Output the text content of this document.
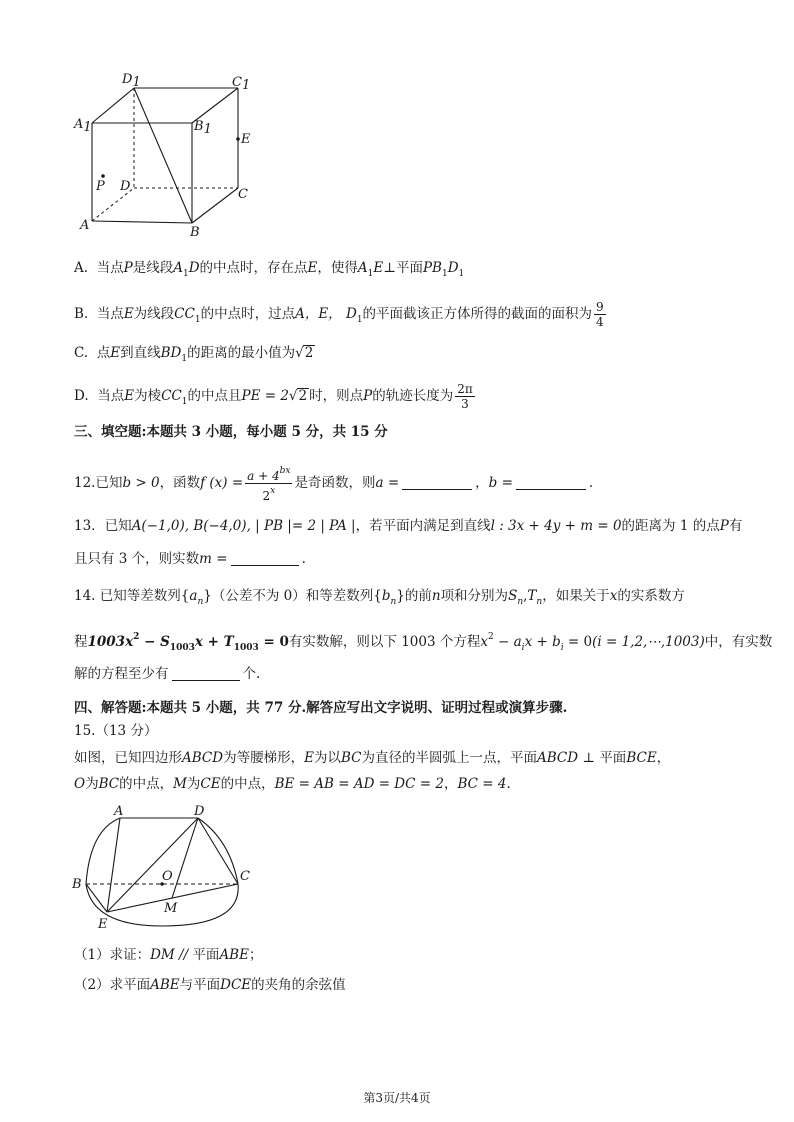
D1	C1
A1	B1
E
P D
C
A	B
A. 当点P是线段$A_1D$的中点时，存在点E，使得$A_1E\perp$平面$PB_1D_1$
B. 当点E为线段$CC_1$的中点时，过点A，E， $D_1$的平面截该正方体所得的截面的面积为 $\frac{9}{4}$
C. 点E到直线$BD_1$的距离的最小值为√2
D. 当点E为棱$CC_1$的中点且PE = 2√2 时，则点P的轨迹长度为 $\frac{2\pi}{3}$
三、填空题:本题共 3 小题，每小题 5 分，共 15 分
12.已知b > 0，函数f $(x) = \frac{a + 4^{bx}}{2^x}$ 是奇函数，则a =	，b =	.
13．已知A(−1,0), B(−4,0), | PB |= 2 | PA |，若平面内满足到直线l : 3x + 4y + m = 0的距离为 1 的点P有
且只有 3 个，则实数m =	.
14. 已知等差数列$\{a_n\}$（公差不为 0）和等差数列$\{b_n\}$的前n项和分别为$S_n,T_n$，如果关于x的实系数方
程$1003x^2 - S_{1003}x + T_{1003} = 0$有实数解，则以下 1003 个方程$x^2 - a_ix + b_i = 0(i$ = 1,2,⋯,1003)中，有实数
解的方程至少有	个.
四、解答题:本题共 5 小题，共 77 分.解答应写出文字说明、证明过程或演算步骤.
15.（13 分）
如图，已知四边形ABCD为等腰梯形，E为以BC为直径的半圆弧上一点，平面ABCD ⊥ 平面BCE，
O为BC的中点，M为CE的中点，BE = AB = AD = DC = 2，BC = 4.
A	D
B
O	C
M
E
（1）求证：DM // 平面ABE；
（2）求平面ABE与平面DCE的夹角的余弦值
第3页/共4页
